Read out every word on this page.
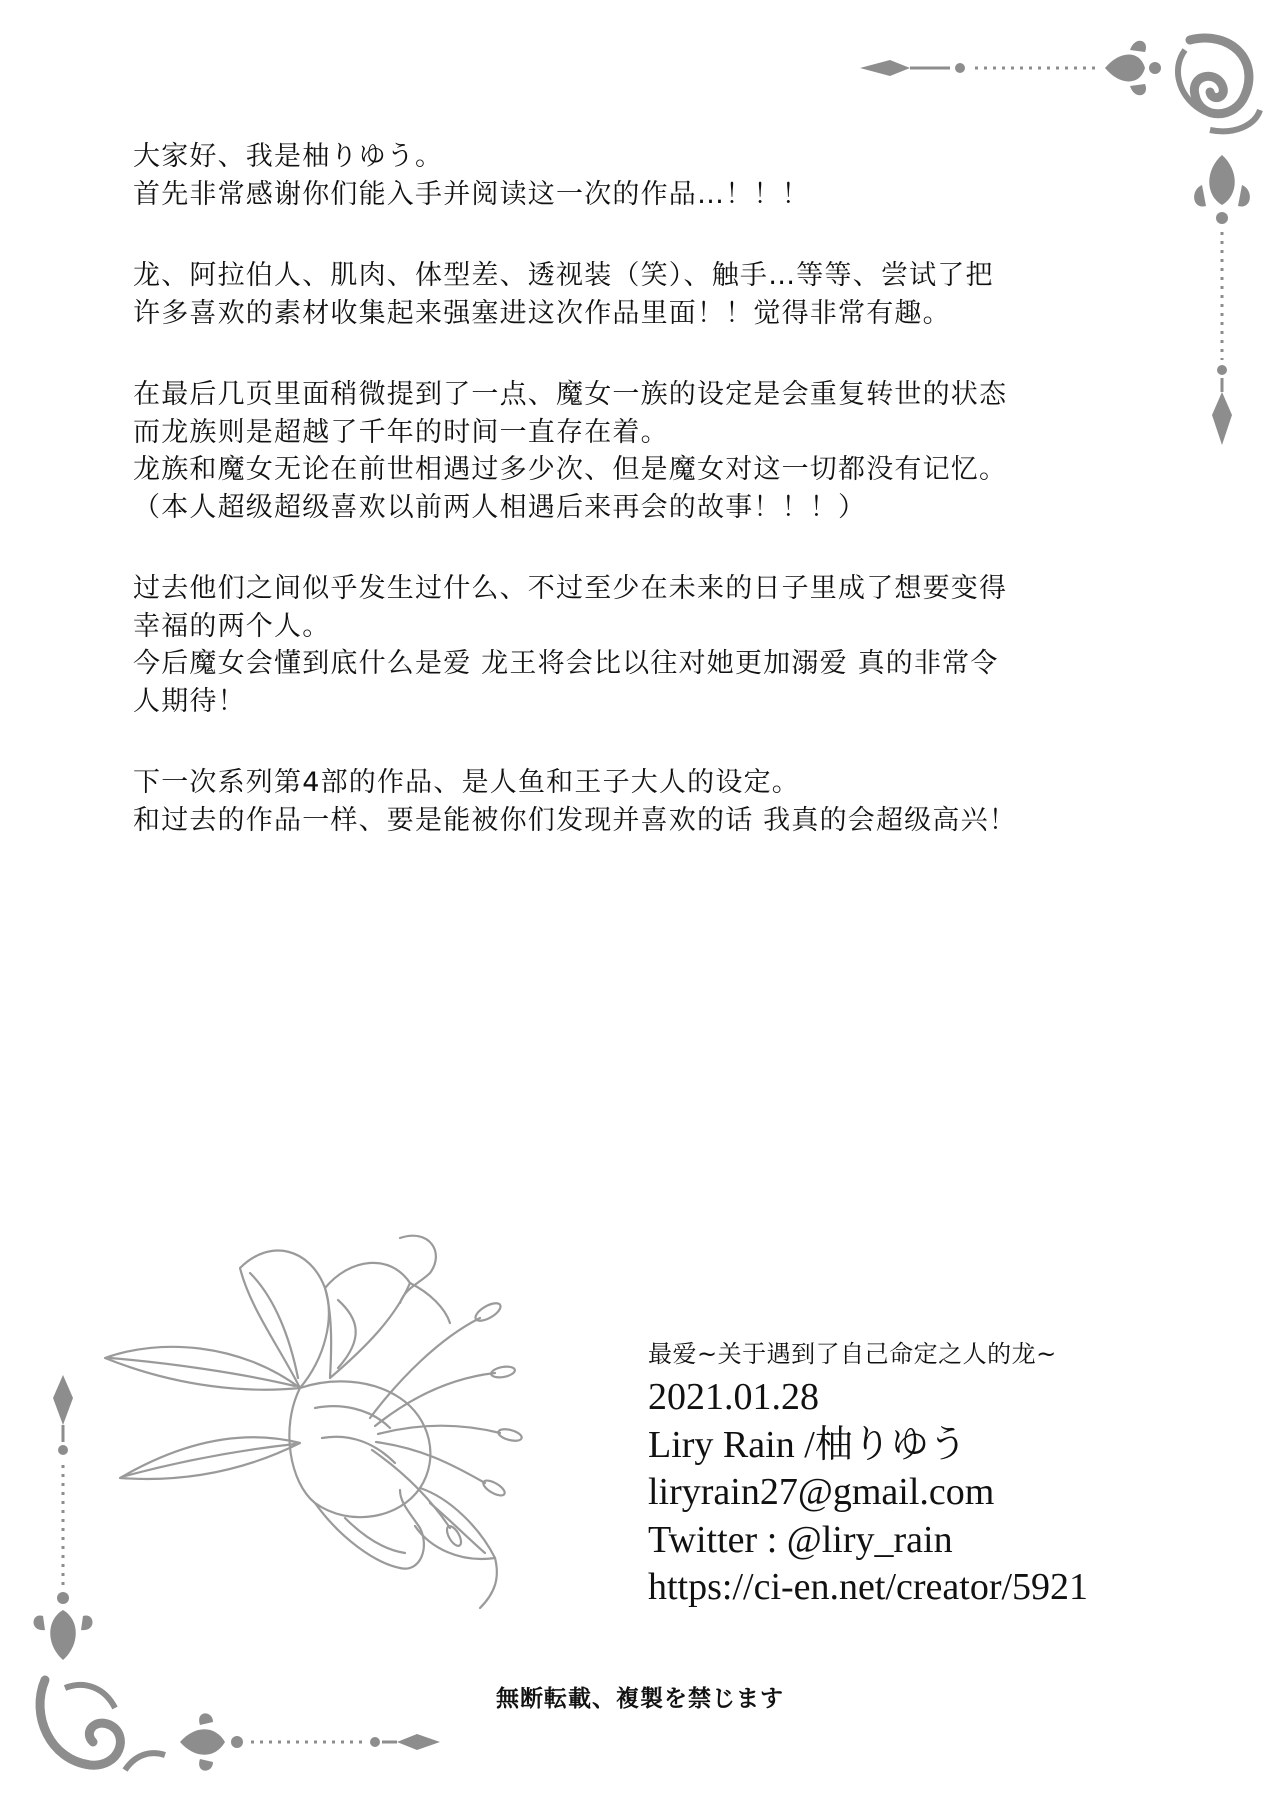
大家好、我是柚りゆう。
首先非常感谢你们能入手并阅读这一次的作品…！！！

龙、阿拉伯人、肌肉、体型差、透视装（笑）、触手…等等、尝试了把
许多喜欢的素材收集起来强塞进这次作品里面！！觉得非常有趣。

在最后几页里面稍微提到了一点、魔女一族的设定是会重复转世的状态
而龙族则是超越了千年的时间一直存在着。
龙族和魔女无论在前世相遇过多少次、但是魔女对这一切都没有记忆。
（本人超级超级喜欢以前两人相遇后来再会的故事！！！）

过去他们之间似乎发生过什么、不过至少在未来的日子里成了想要变得
幸福的两个人。
今后魔女会懂到底什么是爱 龙王将会比以往对她更加溺爱 真的非常令
人期待！

下一次系列第4部的作品、是人鱼和王子大人的设定。
和过去的作品一样、要是能被你们发现并喜欢的话 我真的会超级高兴！

最爱~关于遇到了自己命定之人的龙~
2021.01.28
Liry Rain /柚りゆう
liryrain27@gmail.com
Twitter : @liry_rain
https://ci-en.net/creator/5921
無断転載、複製を禁じます
